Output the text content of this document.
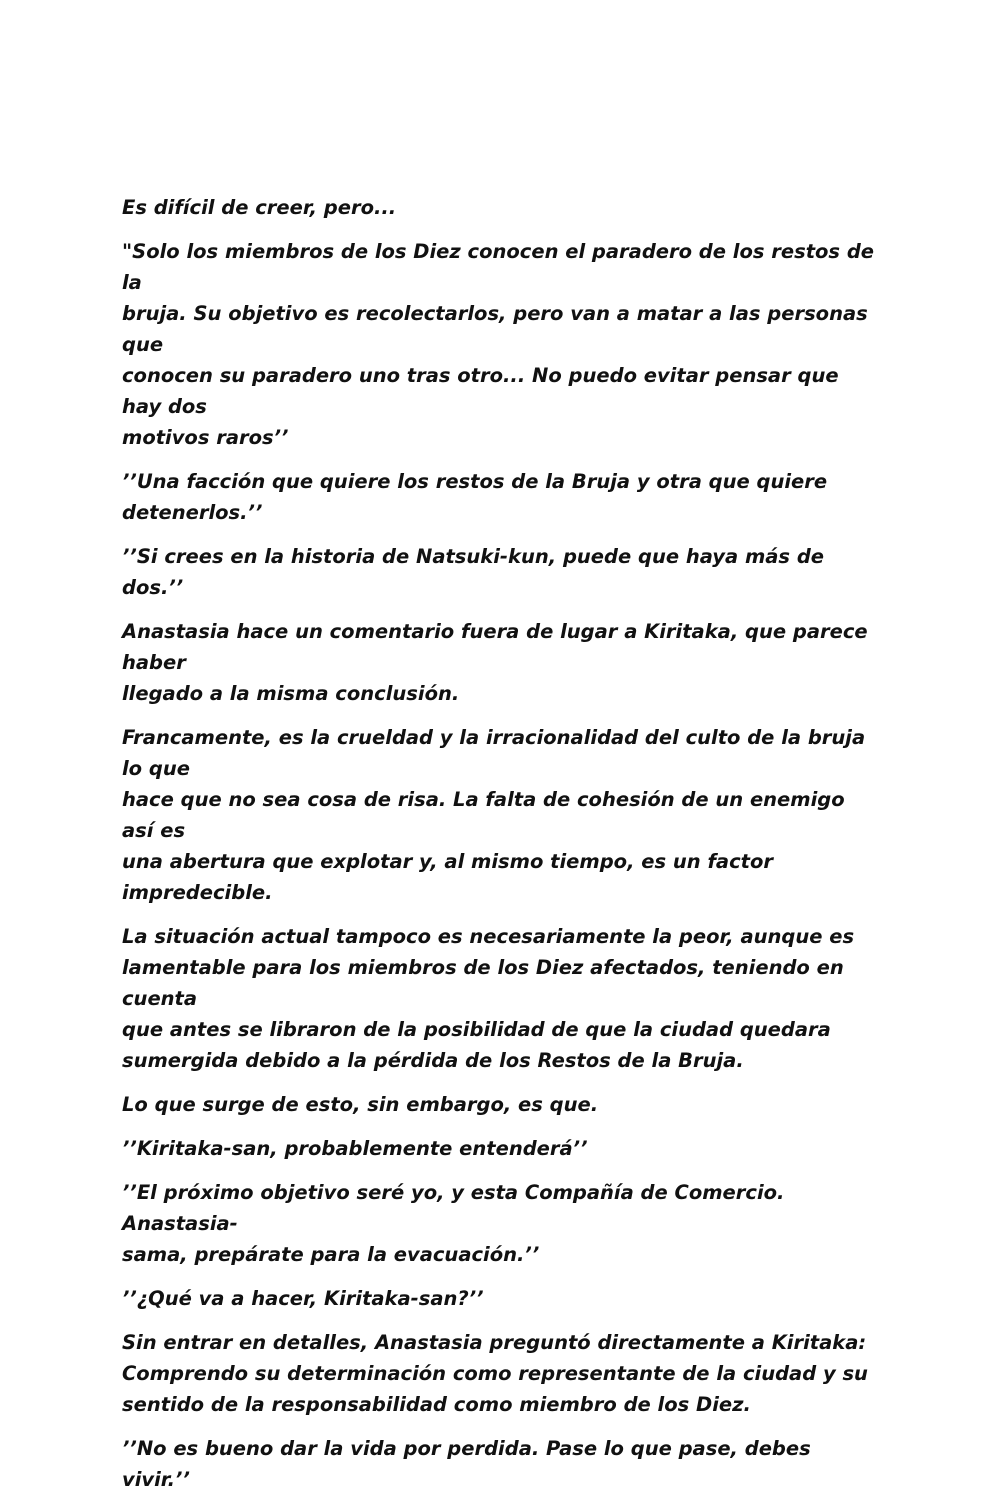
Es difícil de creer, pero...

"Solo los miembros de los Diez conocen el paradero de los restos de la
bruja. Su objetivo es recolectarlos, pero van a matar a las personas que
conocen su paradero uno tras otro... No puedo evitar pensar que hay dos
motivos raros’’

’’Una facción que quiere los restos de la Bruja y otra que quiere
detenerlos.’’

’’Si crees en la historia de Natsuki-kun, puede que haya más de dos.’’

Anastasia hace un comentario fuera de lugar a Kiritaka, que parece haber
llegado a la misma conclusión.

Francamente, es la crueldad y la irracionalidad del culto de la bruja lo que
hace que no sea cosa de risa. La falta de cohesión de un enemigo así es
una abertura que explotar y, al mismo tiempo, es un factor impredecible.

La situación actual tampoco es necesariamente la peor, aunque es
lamentable para los miembros de los Diez afectados, teniendo en cuenta
que antes se libraron de la posibilidad de que la ciudad quedara
sumergida debido a la pérdida de los Restos de la Bruja.

Lo que surge de esto, sin embargo, es que.

’’Kiritaka-san, probablemente entenderá’’

’’El próximo objetivo seré yo, y esta Compañía de Comercio. Anastasia-
sama, prepárate para la evacuación.’’

’’¿Qué va a hacer, Kiritaka-san?’’

Sin entrar en detalles, Anastasia preguntó directamente a Kiritaka:
Comprendo su determinación como representante de la ciudad y su
sentido de la responsabilidad como miembro de los Diez.

’’No es bueno dar la vida por perdida. Pase lo que pase, debes vivir.’’
